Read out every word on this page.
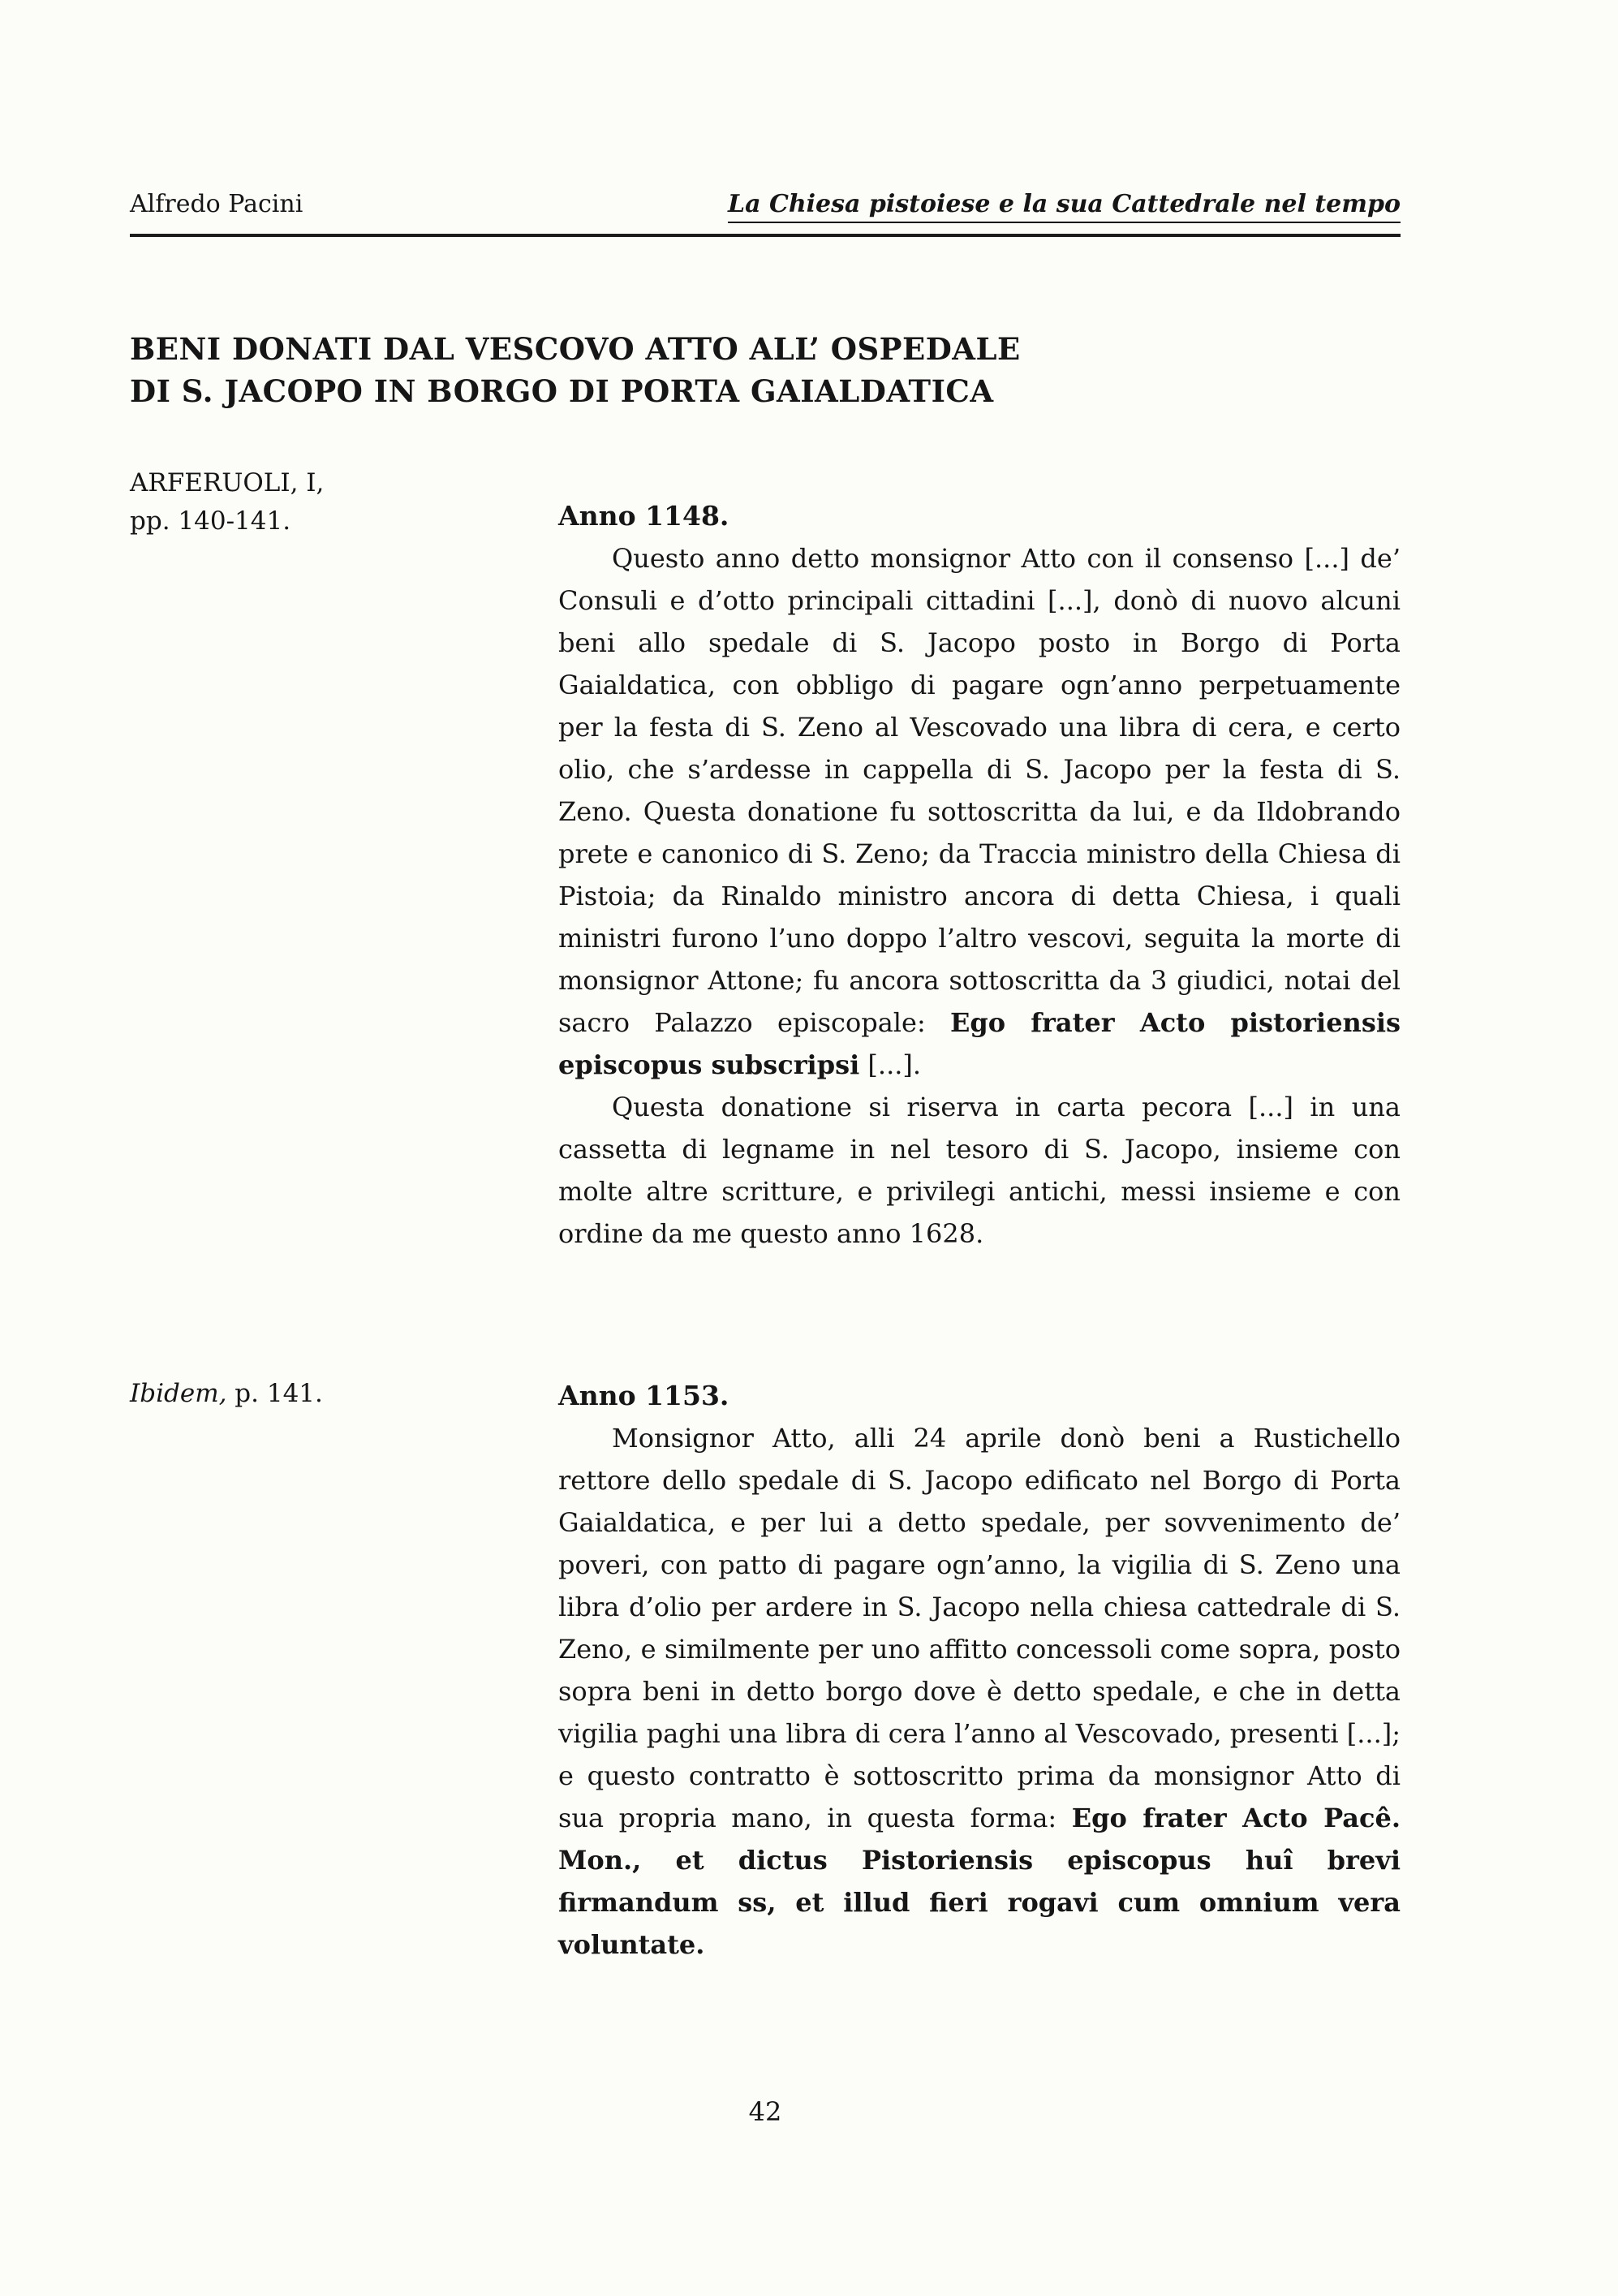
Alfredo Pacini	La Chiesa pistoiese e la sua Cattedrale nel tempo
BENI DONATI DAL VESCOVO ATTO ALL’ OSPEDALE
DI S. JACOPO IN BORGO DI PORTA GAIALDATICA
ARFERUOLI, I,
pp. 140-141.	Anno 1148.

Questo anno detto monsignor Atto con il consenso [...] de’ Consuli e d’otto principali cittadini [...], donò di nuovo alcuni beni allo spedale di S. Jacopo posto in Borgo di Porta Gaialdatica, con obbligo di pagare ogn’anno perpetuamente per la festa di S. Zeno al Vescovado una libra di cera, e certo olio, che s’ardesse in cappella di S. Jacopo per la festa di S. Zeno. Questa donatione fu sottoscritta da lui, e da Ildobrando prete e canonico di S. Zeno; da Traccia ministro della Chiesa di Pistoia; da Rinaldo ministro ancora di detta Chiesa, i quali ministri furono l’uno doppo l’altro vescovi, seguita la morte di monsignor Attone; fu ancora sottoscritta da 3 giudici, notai del sacro Palazzo episcopale: Ego frater Acto pistoriensis episcopus subscripsi [...].

Questa donatione si riserva in carta pecora [...] in una cassetta di legname in nel tesoro di S. Jacopo, insieme con molte altre scritture, e privilegi antichi, messi insieme e con ordine da me questo anno 1628.

Ibidem, p. 141.	Anno 1153.

Monsignor Atto, alli 24 aprile donò beni a Rustichello rettore dello spedale di S. Jacopo edificato nel Borgo di Porta Gaialdatica, e per lui a detto spedale, per sovvenimento de’ poveri, con patto di pagare ogn’anno, la vigilia di S. Zeno una libra d’olio per ardere in S. Jacopo nella chiesa cattedrale di S. Zeno, e similmente per uno affitto concessoli come sopra, posto sopra beni in detto borgo dove è detto spedale, e che in detta vigilia paghi una libra di cera l’anno al Vescovado, presenti [...]; e questo contratto è sottoscritto prima da monsignor Atto di sua propria mano, in questa forma: Ego frater Acto Pacê. Mon., et dictus Pistoriensis episcopus huî brevi firmandum ss, et illud fieri rogavi cum omnium vera voluntate.

42
